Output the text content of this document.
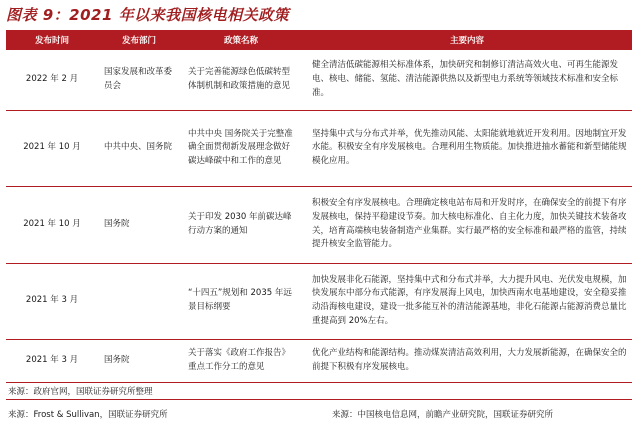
图表 9：2021 年以来我国核电相关政策
发布时间	发布部门	政策名称	主要内容
2022 年 2 月	国家发展和改革委员会	关于完善能源绿色低碳转型体制机制和政策措施的意见	健全清洁低碳能源相关标准体系，加快研究和制修订清洁高效火电、可再生能源发电、核电、储能、氢能、清洁能源供热以及新型电力系统等领域技术标准和安全标准。
2021 年 10 月	中共中央、国务院	中共中央 国务院关于完整准确全面贯彻新发展理念做好碳达峰碳中和工作的意见	坚持集中式与分布式并举，优先推动风能、太阳能就地就近开发利用。因地制宜开发水能。积极安全有序发展核电。合理利用生物质能。加快推进抽水蓄能和新型储能规模化应用。
2021 年 10 月	国务院	关于印发 2030 年前碳达峰行动方案的通知	积极安全有序发展核电。合理确定核电站布局和开发时序，在确保安全的前提下有序发展核电，保持平稳建设节奏。加大核电标准化、自主化力度，加快关键技术装备攻关，培育高端核电装备制造产业集群。实行最严格的安全标准和最严格的监管，持续提升核安全监管能力。
2021 年 3 月		“十四五”规划和 2035 年远景目标纲要	加快发展非化石能源，坚持集中式和分布式并举，大力提升风电、光伏发电规模，加快发展东中部分布式能源，有序发展海上风电，加快西南水电基地建设，安全稳妥推动沿海核电建设，建设一批多能互补的清洁能源基地，非化石能源占能源消费总量比重提高到 20%左右。
2021 年 3 月	国务院	关于落实《政府工作报告》重点工作分工的意见	优化产业结构和能源结构。推动煤炭清洁高效利用，大力发展新能源，在确保安全的前提下积极有序发展核电。
来源：政府官网，国联证券研究所整理
来源：Frost & Sullivan，国联证券研究所	来源：中国核电信息网，前瞻产业研究院，国联证券研究所
